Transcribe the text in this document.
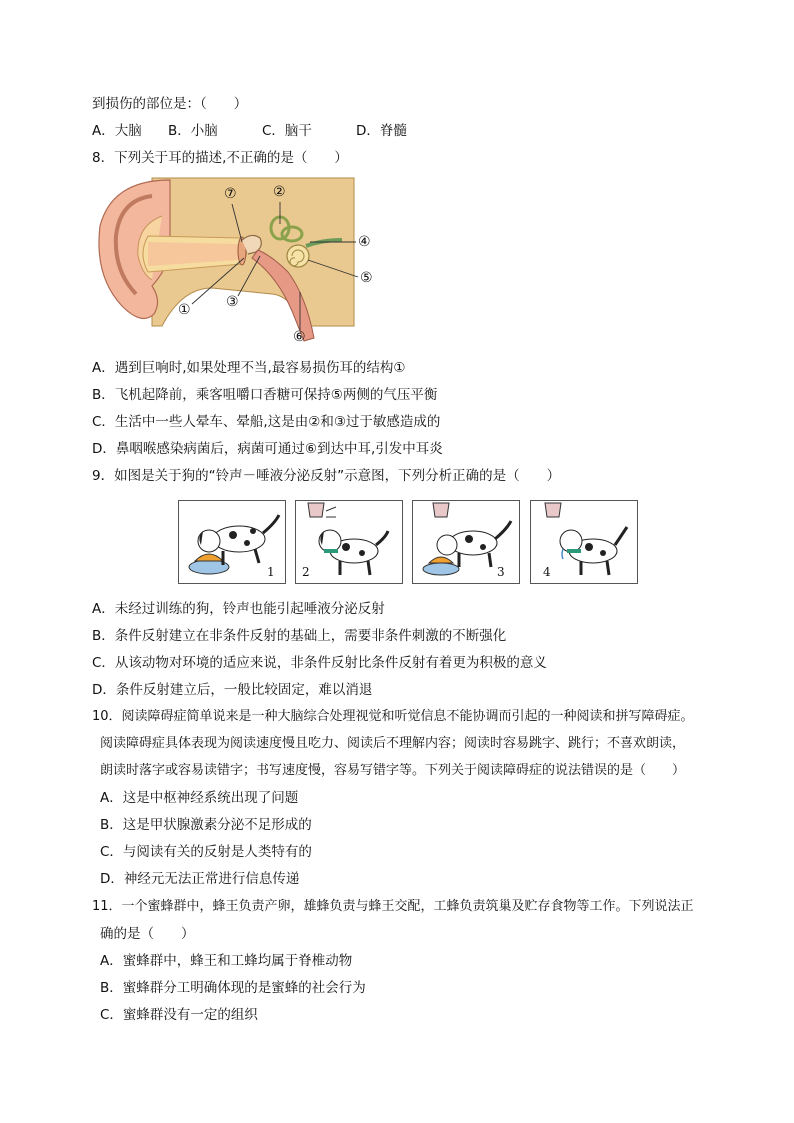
到损伤的部位是：（　　）
A．大脑 B．小脑	C．脑干	D．脊髓
8．下列关于耳的描述,不正确的是（　　）
⑦	②
④
⑤
①	③
⑥
A．遇到巨响时,如果处理不当,最容易损伤耳的结构①
B．飞机起降前，乘客咀嚼口香糖可保持⑤两侧的气压平衡
C．生活中一些人晕车、晕船,这是由②和③过于敏感造成的
D．鼻咽喉感染病菌后，病菌可通过⑥到达中耳,引发中耳炎
9．如图是关于狗的“铃声－唾液分泌反射”示意图，下列分析正确的是（　　）
1 2	3	4
A．未经过训练的狗，铃声也能引起唾液分泌反射
B．条件反射建立在非条件反射的基础上，需要非条件刺激的不断强化
C．从该动物对环境的适应来说，非条件反射比条件反射有着更为积极的意义
D．条件反射建立后，一般比较固定，难以消退
10．阅读障碍症简单说来是一种大脑综合处理视觉和听觉信息不能协调而引起的一种阅读和拼写障碍症。
阅读障碍症具体表现为阅读速度慢且吃力、阅读后不理解内容；阅读时容易跳字、跳行；不喜欢朗读，
朗读时落字或容易读错字；书写速度慢，容易写错字等。下列关于阅读障碍症的说法错误的是（　　）
A．这是中枢神经系统出现了问题
B．这是甲状腺激素分泌不足形成的
C．与阅读有关的反射是人类特有的
D．神经元无法正常进行信息传递
11．一个蜜蜂群中，蜂王负责产卵，雄蜂负责与蜂王交配，工蜂负责筑巢及贮存食物等工作。下列说法正
确的是（　　）
A．蜜蜂群中，蜂王和工蜂均属于脊椎动物
B．蜜蜂群分工明确体现的是蜜蜂的社会行为
C．蜜蜂群没有一定的组织
